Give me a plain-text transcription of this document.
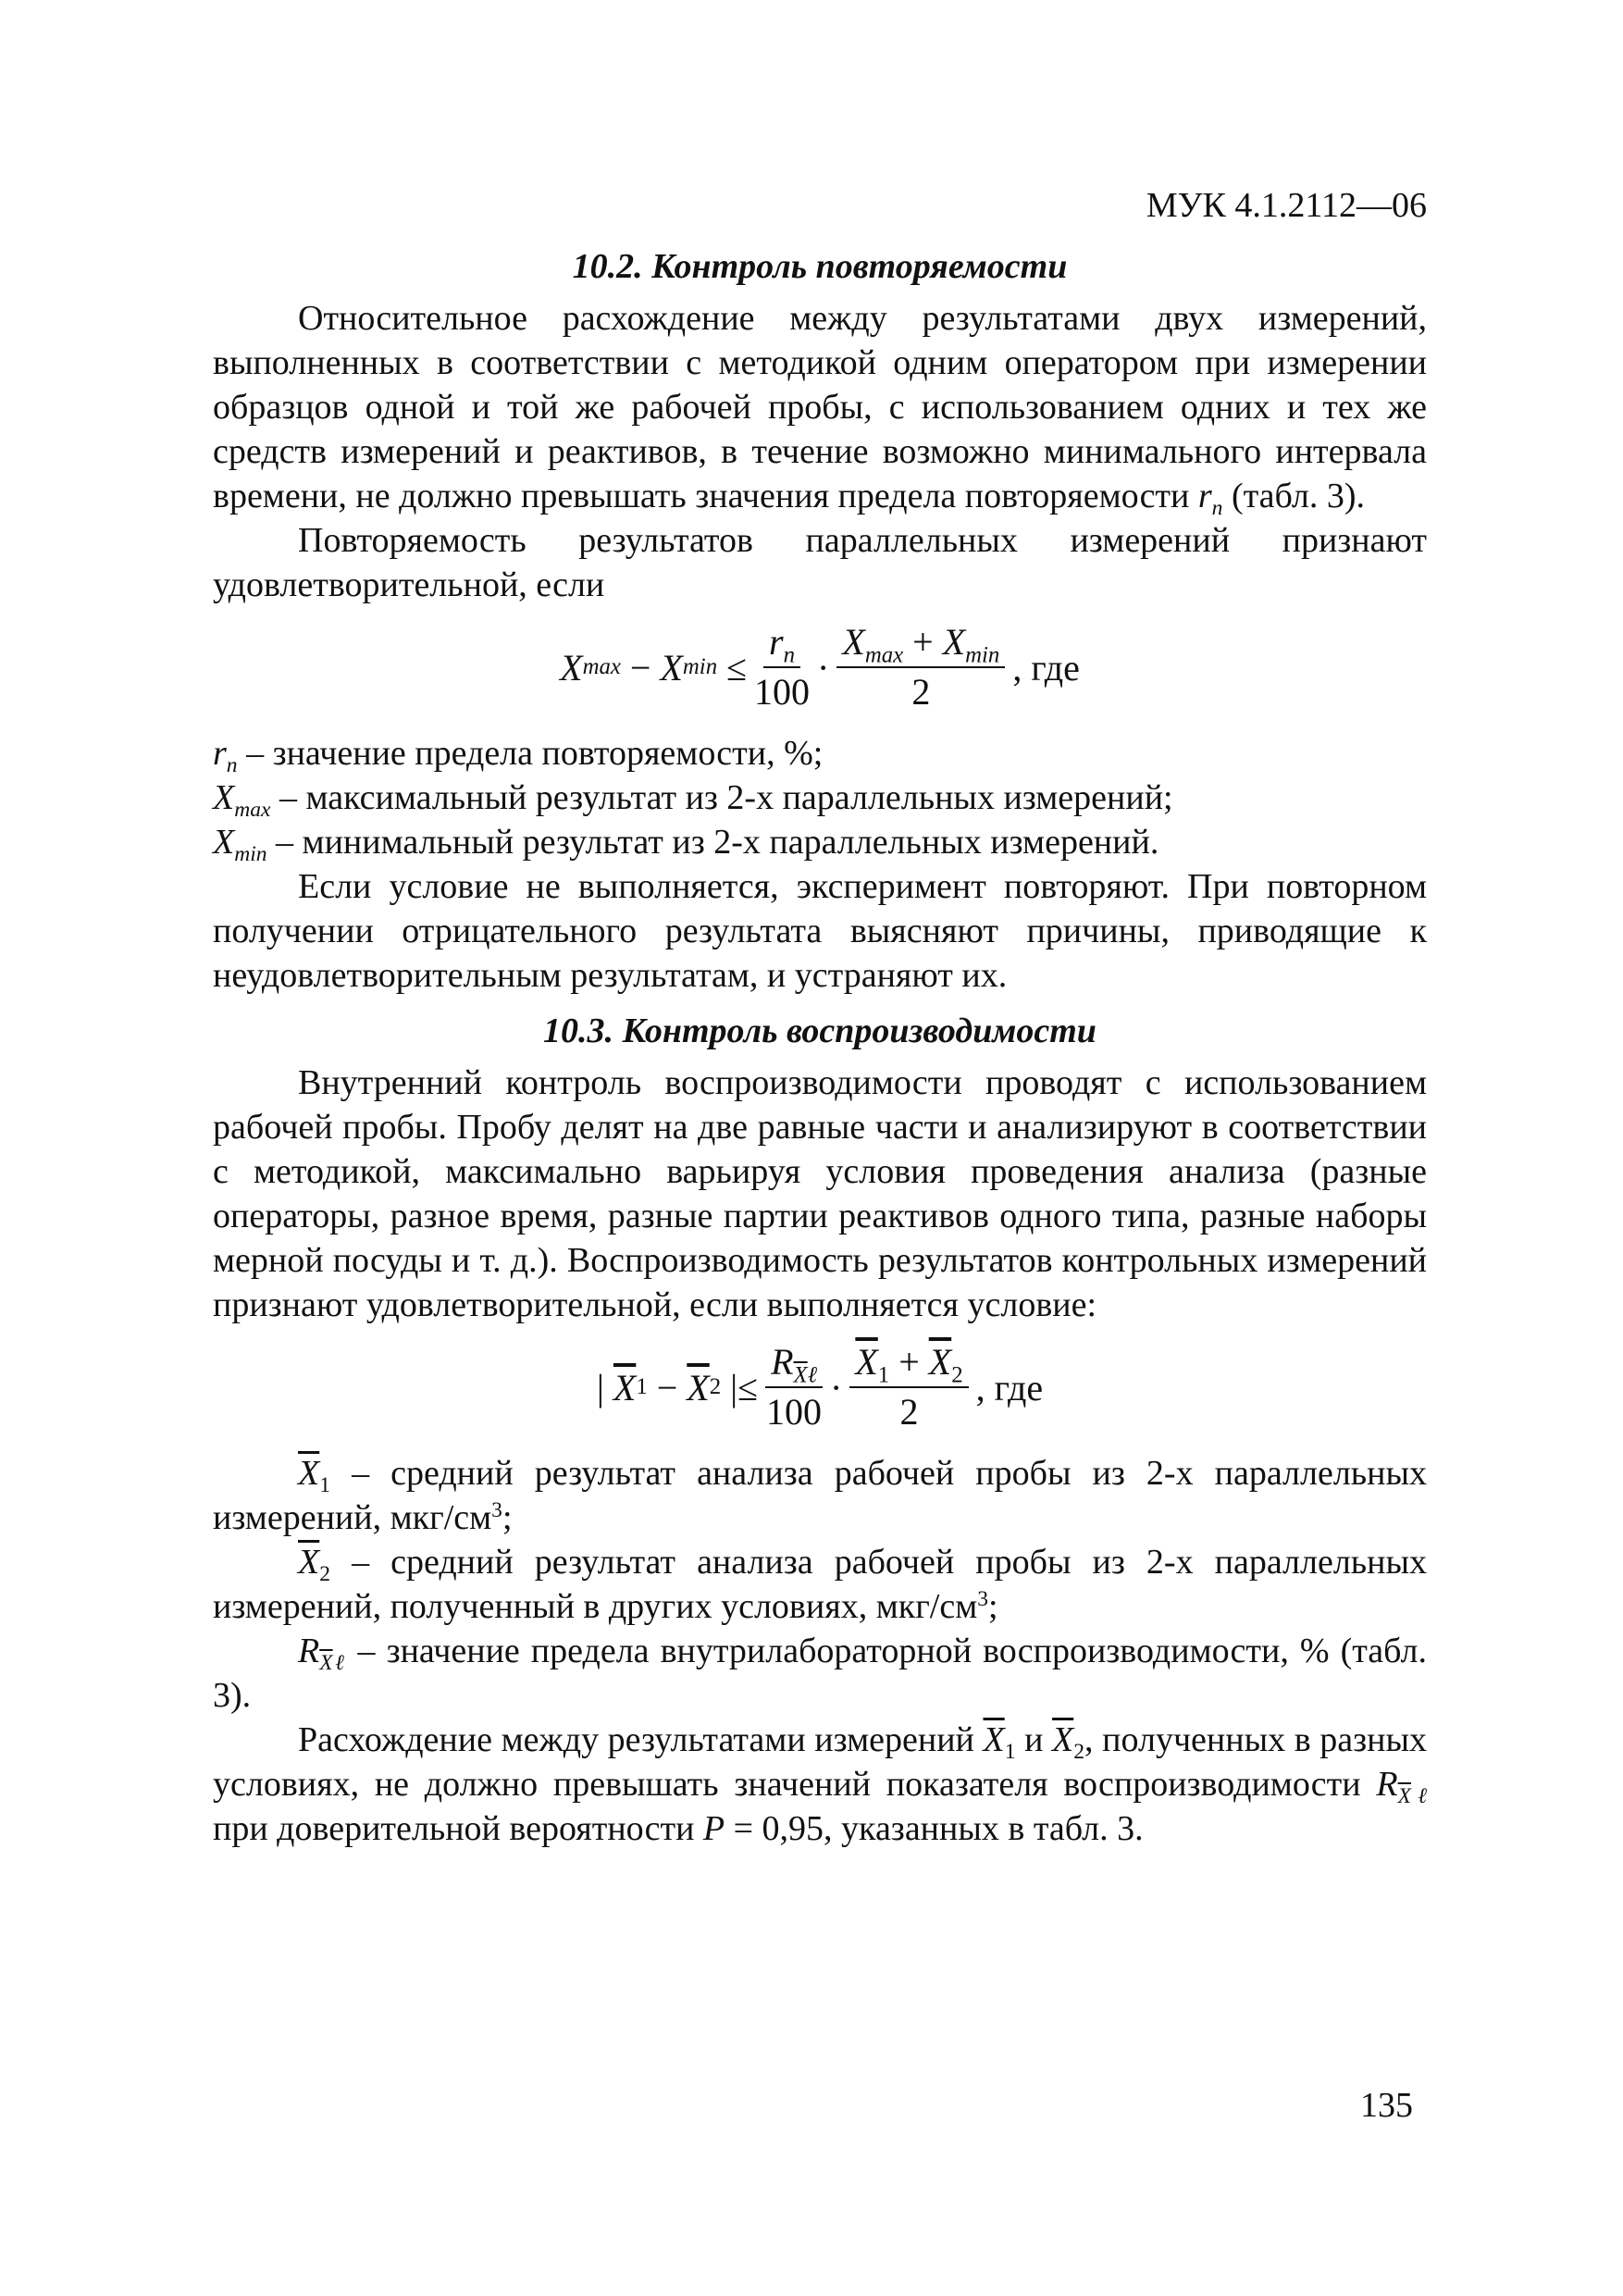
МУК 4.1.2112—06
10.2. Контроль повторяемости

Относительное расхождение между результатами двух измерений, выполненных в соответствии с методикой одним оператором при измерении образцов одной и той же рабочей пробы, с использованием одних и тех же средств измерений и реактивов, в течение возможно минимального интервала времени, не должно превышать значения предела повторяемости $r_n$ (табл. 3).

Повторяемость результатов параллельных измерений признают удовлетворительной, если

X max − X $\min \le \frac{r_n}{100} \cdot \frac{X_{max} + X_{min}}{2}$ , где

$r_n$ – значение предела повторяемости, %;

$X_{max}$ – максимальный результат из 2-х параллельных измерений;

$X_{min}$ – минимальный результат из 2-х параллельных измерений.

Если условие не выполняется, эксперимент повторяют. При повторном получении отрицательного результата выясняют причины, приводящие к неудовлетворительным результатам, и устраняют их.

10.3. Контроль воспроизводимости

Внутренний контроль воспроизводимости проводят с использованием рабочей пробы. Пробу делят на две равные части и анализируют в соответствии с методикой, максимально варьируя условия проведения анализа (разные операторы, разное время, разные партии реактивов одного типа, разные наборы мерной посуды и т. д.). Воспроизводимость результатов контрольных измерений признают удовлетворительной, если выполняется условие:

| $\overline{X}$ $1 - \overline{X}$ 2 | ≤ $\frac{R_{\overline{X}\ell}}{100} \cdot \frac{\overline{X}_1 + \overline{X}_2}{2}$ , где

$\overline{X}_1$ – средний результат анализа рабочей пробы из 2-х параллельных измерений, мкг/$см^3$;

$\overline{X}_2$ – средний результат анализа рабочей пробы из 2-х параллельных измерений, полученный в других условиях, мкг/$см^3$;

$R_{\overline{X}\ell}$ – значение предела внутрилабораторной воспроизводимости, % (табл. 3).

Расхождение между результатами измерений $\overline{X}_1$ и $\overline{X}_2$, полученных в разных условиях, не должно превышать значений показателя воспроизводимости $R_{\overline{X}\ell}$ при доверительной вероятности P = 0,95, указанных в табл. 3.

135
